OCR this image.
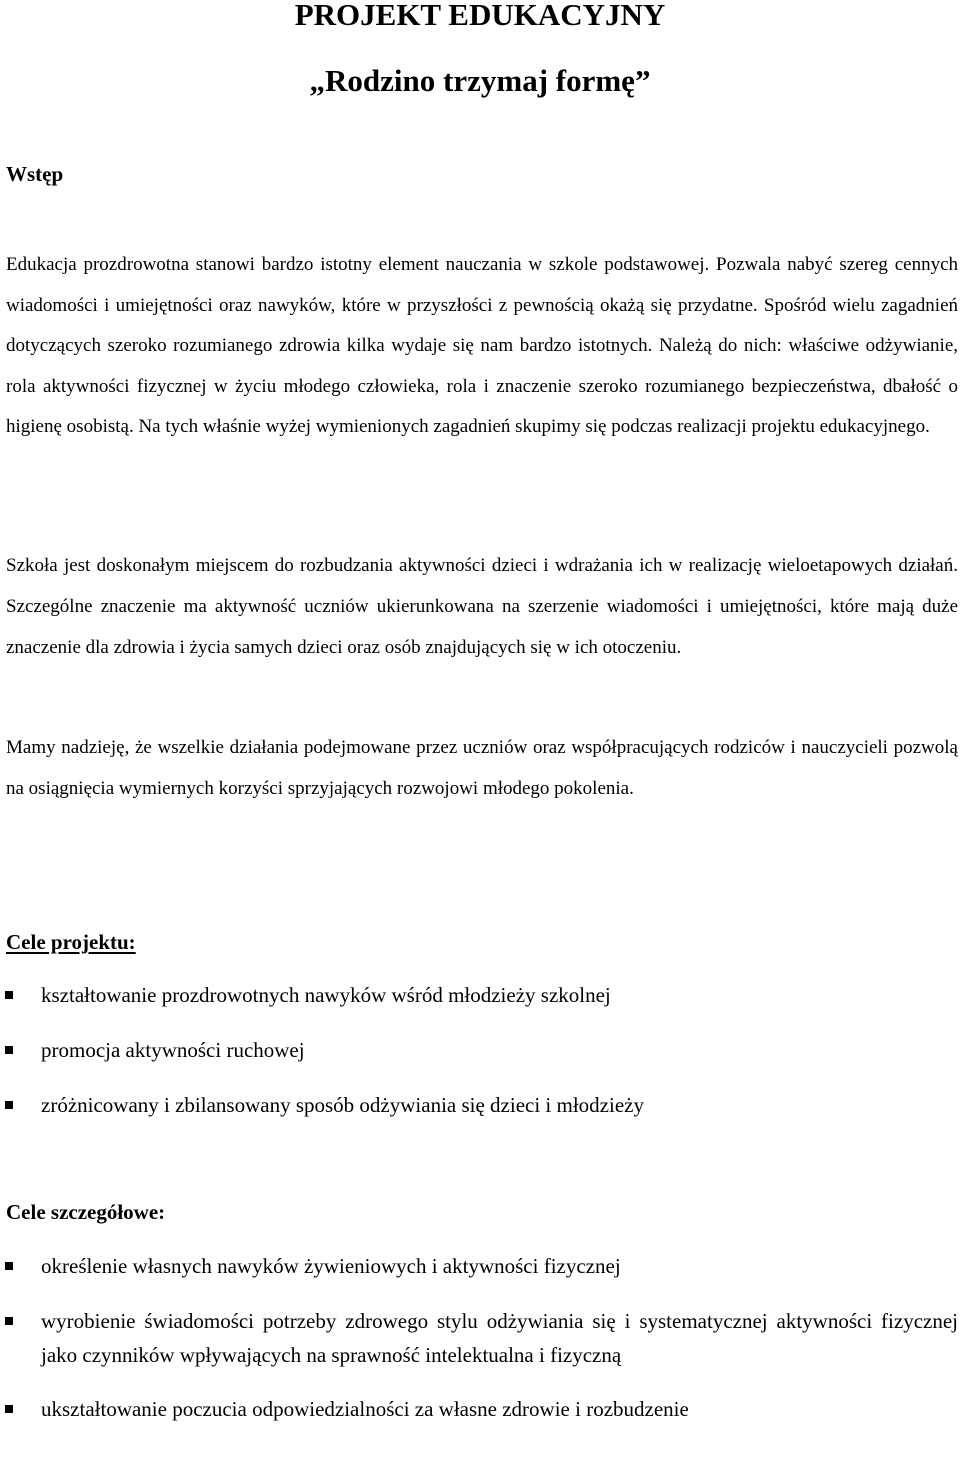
PROJEKT EDUKACYJNY
„Rodzino trzymaj formę”
Wstęp

Edukacja prozdrowotna stanowi bardzo istotny element nauczania w szkole podstawowej. Pozwala nabyć szereg cennych wiadomości i umiejętności oraz nawyków, które w przyszłości z pewnością okażą się przydatne. Spośród wielu zagadnień dotyczących szeroko rozumianego zdrowia kilka wydaje się nam bardzo istotnych. Należą do nich: właściwe odżywianie, rola aktywności fizycznej w życiu młodego człowieka, rola i znaczenie szeroko rozumianego bezpieczeństwa, dbałość o higienę osobistą. Na tych właśnie wyżej wymienionych zagadnień skupimy się podczas realizacji projektu edukacyjnego.

Szkoła jest doskonałym miejscem do rozbudzania aktywności dzieci i wdrażania ich w realizację wieloetapowych działań. Szczególne znaczenie ma aktywność uczniów ukierunkowana na szerzenie wiadomości i umiejętności, które mają duże znaczenie dla zdrowia i życia samych dzieci oraz osób znajdujących się w ich otoczeniu.

Mamy nadzieję, że wszelkie działania podejmowane przez uczniów oraz współpracujących rodziców i nauczycieli pozwolą na osiągnięcia wymiernych korzyści sprzyjających rozwojowi młodego pokolenia.

Cele projektu:
kształtowanie prozdrowotnych nawyków wśród młodzieży szkolnej
promocja aktywności ruchowej
zróżnicowany i zbilansowany sposób odżywiania się dzieci i młodzieży
Cele szczegółowe:
określenie własnych nawyków żywieniowych i aktywności fizycznej
wyrobienie świadomości potrzeby zdrowego stylu odżywiania się i systematycznej aktywności fizycznej jako czynników wpływających na sprawność intelektualna i fizyczną
ukształtowanie poczucia odpowiedzialności za własne zdrowie i rozbudzenie
